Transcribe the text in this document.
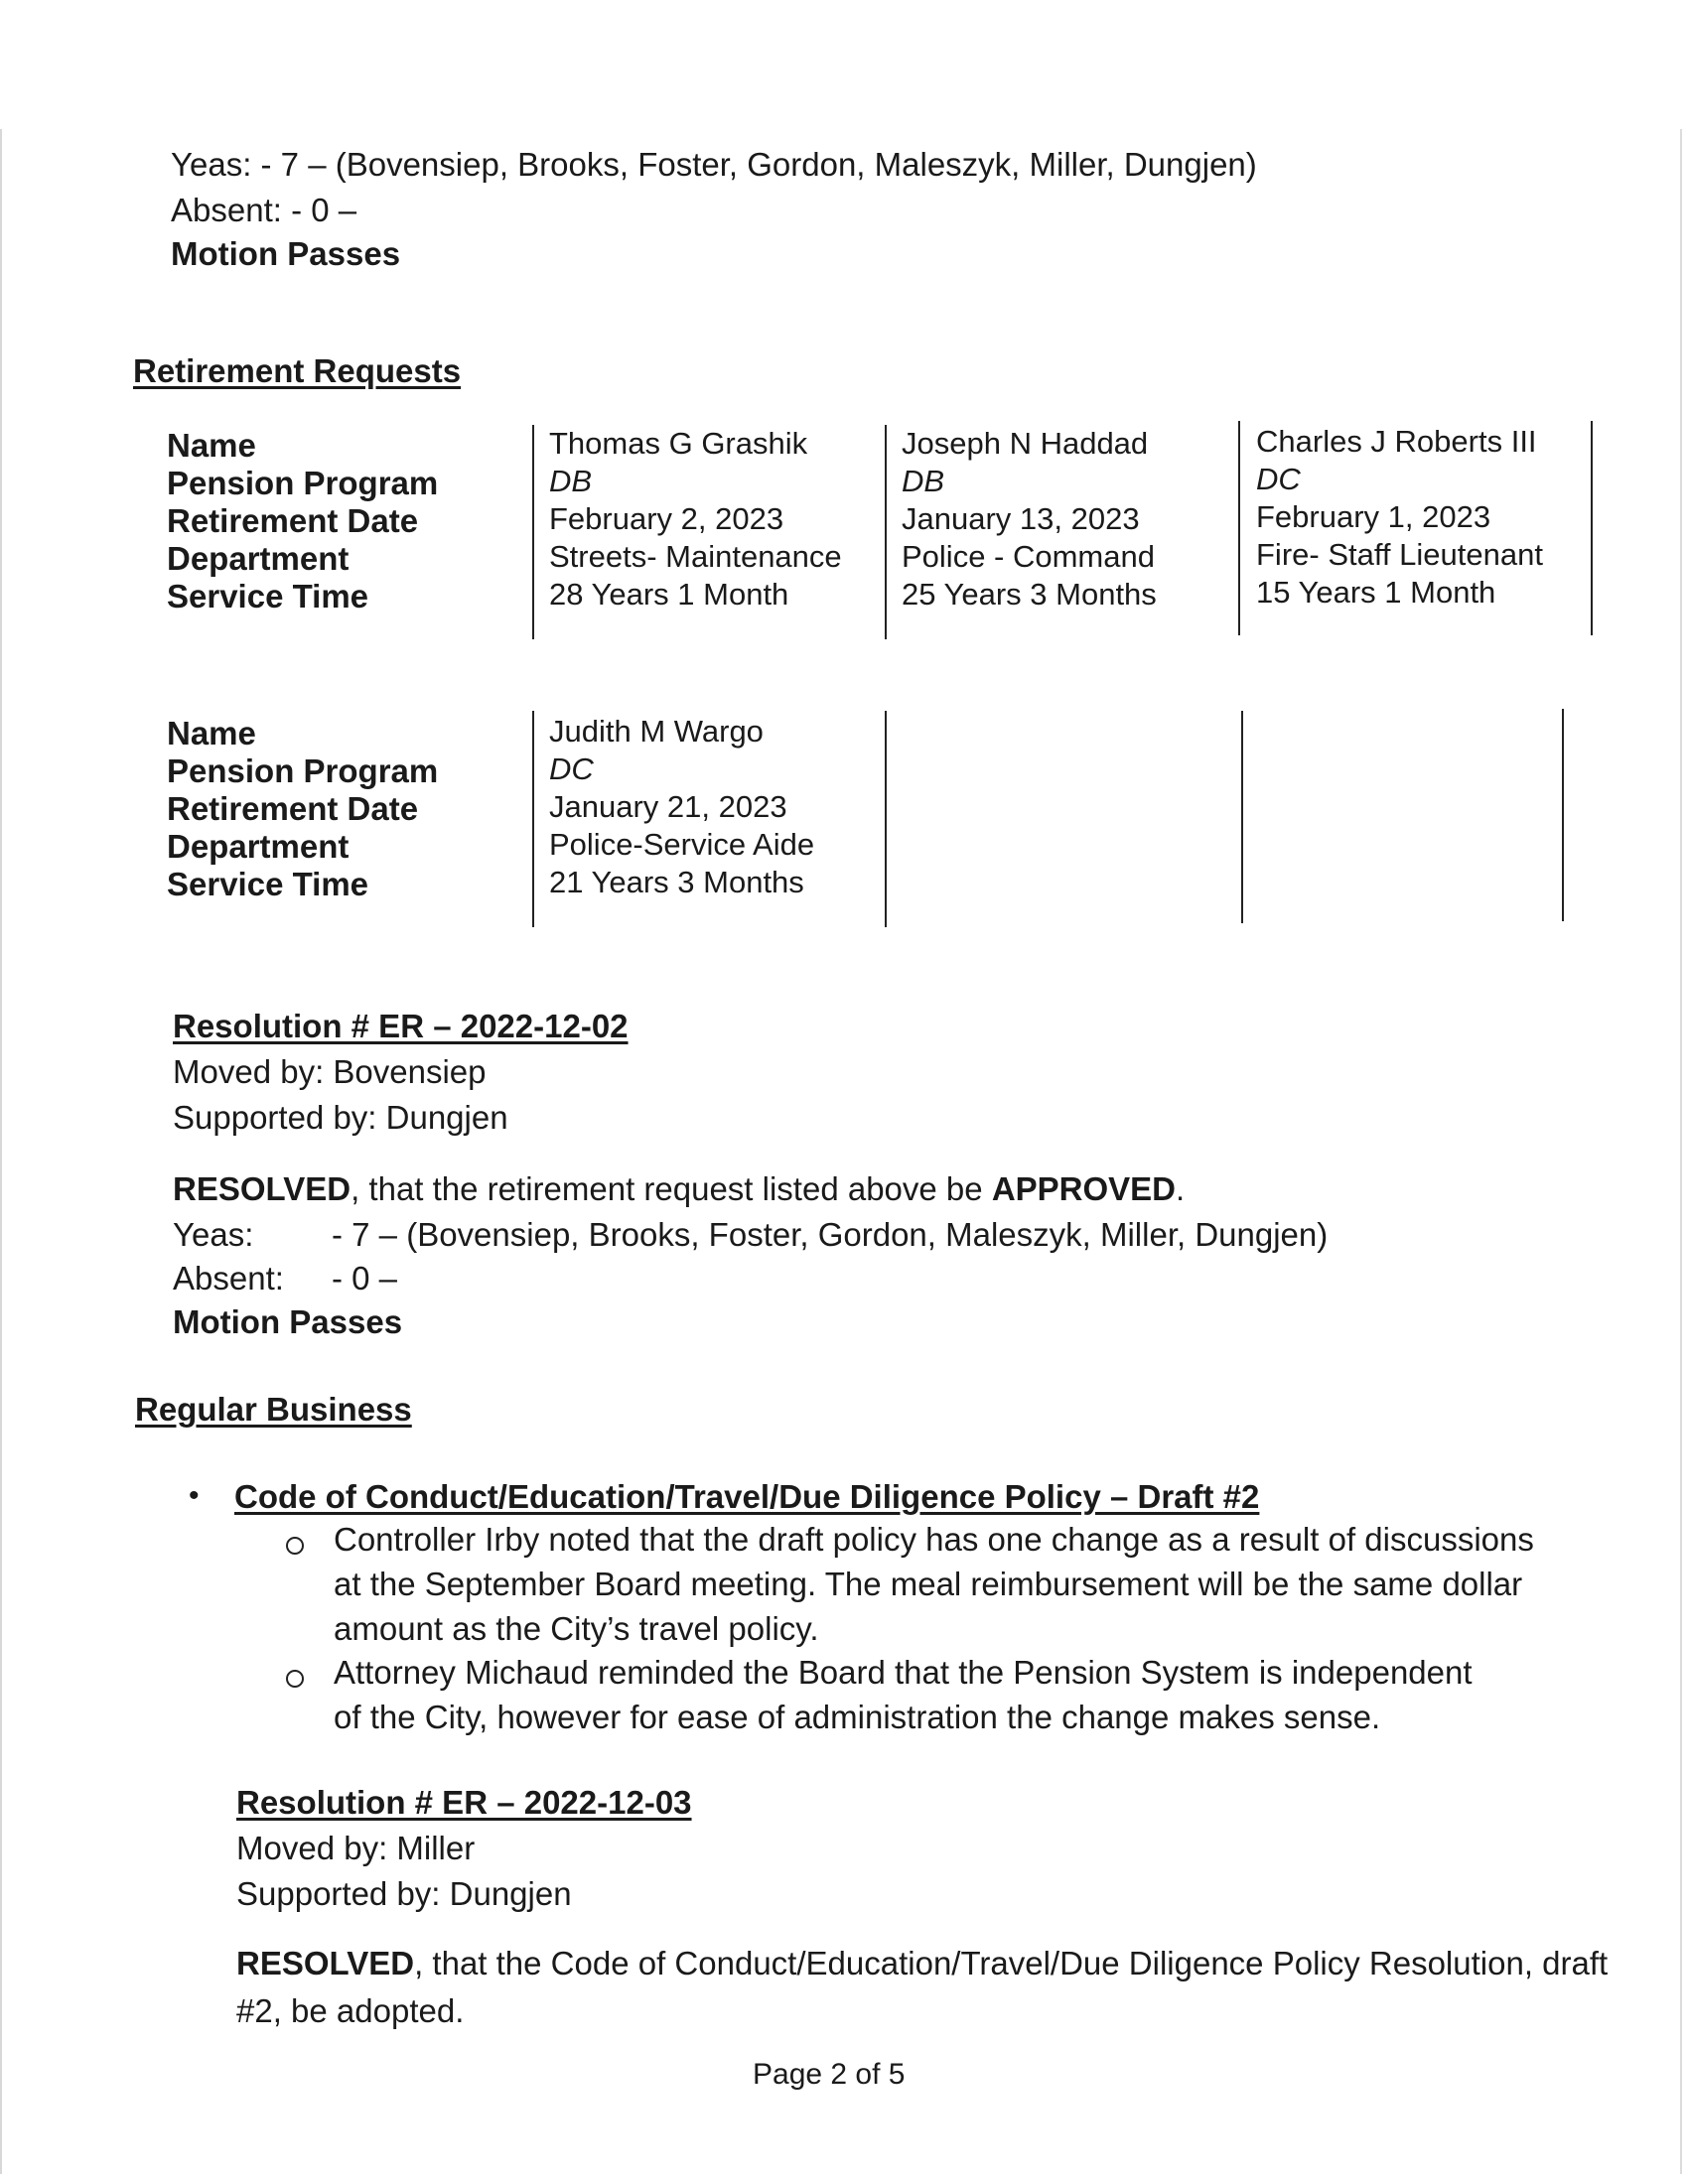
Yeas: - 7 – (Bovensiep, Brooks, Foster, Gordon, Maleszyk, Miller, Dungjen)
Absent: - 0 –
Motion Passes
Retirement Requests
Name
Pension Program
Retirement Date
Department
Service Time
Thomas G Grashik
DB
February 2, 2023
Streets- Maintenance
28 Years 1 Month
Joseph N Haddad
DB
January 13, 2023
Police - Command
25 Years 3 Months
Charles J Roberts III
DC
February 1, 2023
Fire- Staff Lieutenant
15 Years 1 Month
Name
Pension Program
Retirement Date
Department
Service Time
Judith M Wargo
DC
January 21, 2023
Police-Service Aide
21 Years 3 Months
Resolution # ER – 2022-12-02
Moved by: Bovensiep
Supported by: Dungjen
RESOLVED, that the retirement request listed above be APPROVED.
Yeas: - 7 – (Bovensiep, Brooks, Foster, Gordon, Maleszyk, Miller, Dungjen)
Absent: - 0 –
Motion Passes
Regular Business
• Code of Conduct/Education/Travel/Due Diligence Policy – Draft #2
Controller Irby noted that the draft policy has one change as a result of discussions
at the September Board meeting. The meal reimbursement will be the same dollar
amount as the City’s travel policy.
Attorney Michaud reminded the Board that the Pension System is independent
of the City, however for ease of administration the change makes sense.
Resolution # ER – 2022-12-03
Moved by: Miller
Supported by: Dungjen
RESOLVED, that the Code of Conduct/Education/Travel/Due Diligence Policy Resolution, draft
#2, be adopted.
Page 2 of 5
